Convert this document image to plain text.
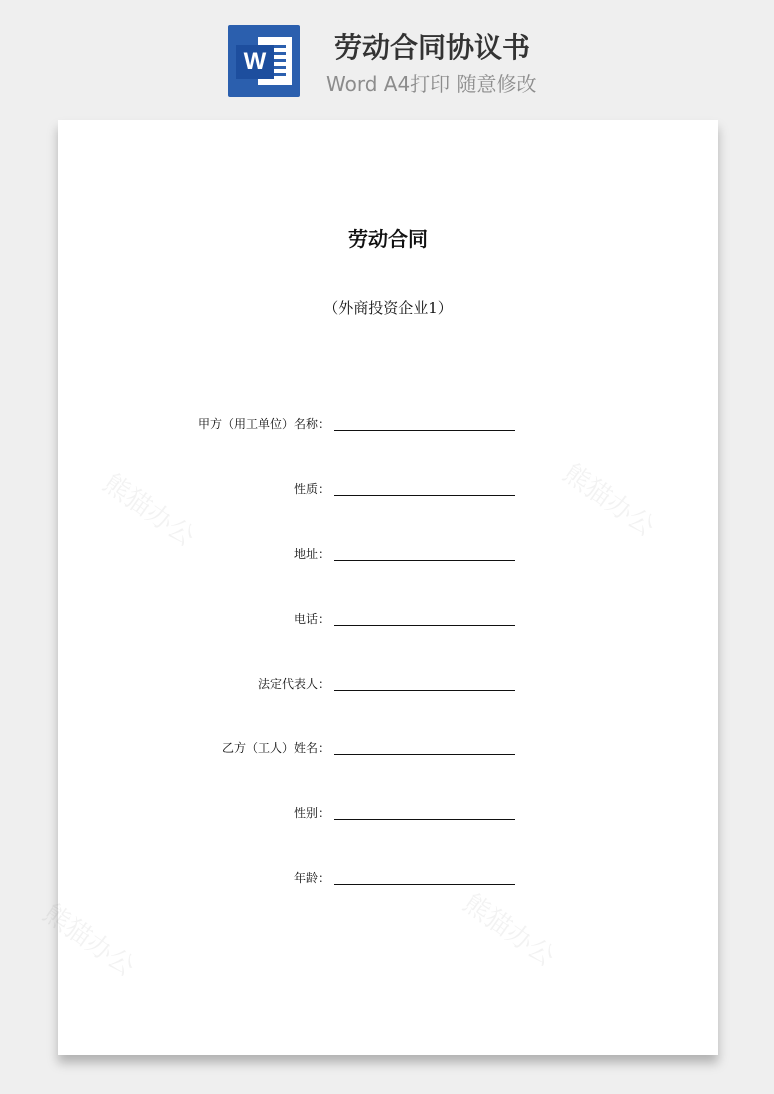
W 劳动合同协议书
Word A4打印 随意修改
熊猫办公	熊猫办公
熊猫办公	熊猫办公
劳动合同
（外商投资企业1）
甲方（用工单位）名称：
性质：
地址：
电话：
法定代表人：
乙方（工人）姓名：
性别：
年龄：
